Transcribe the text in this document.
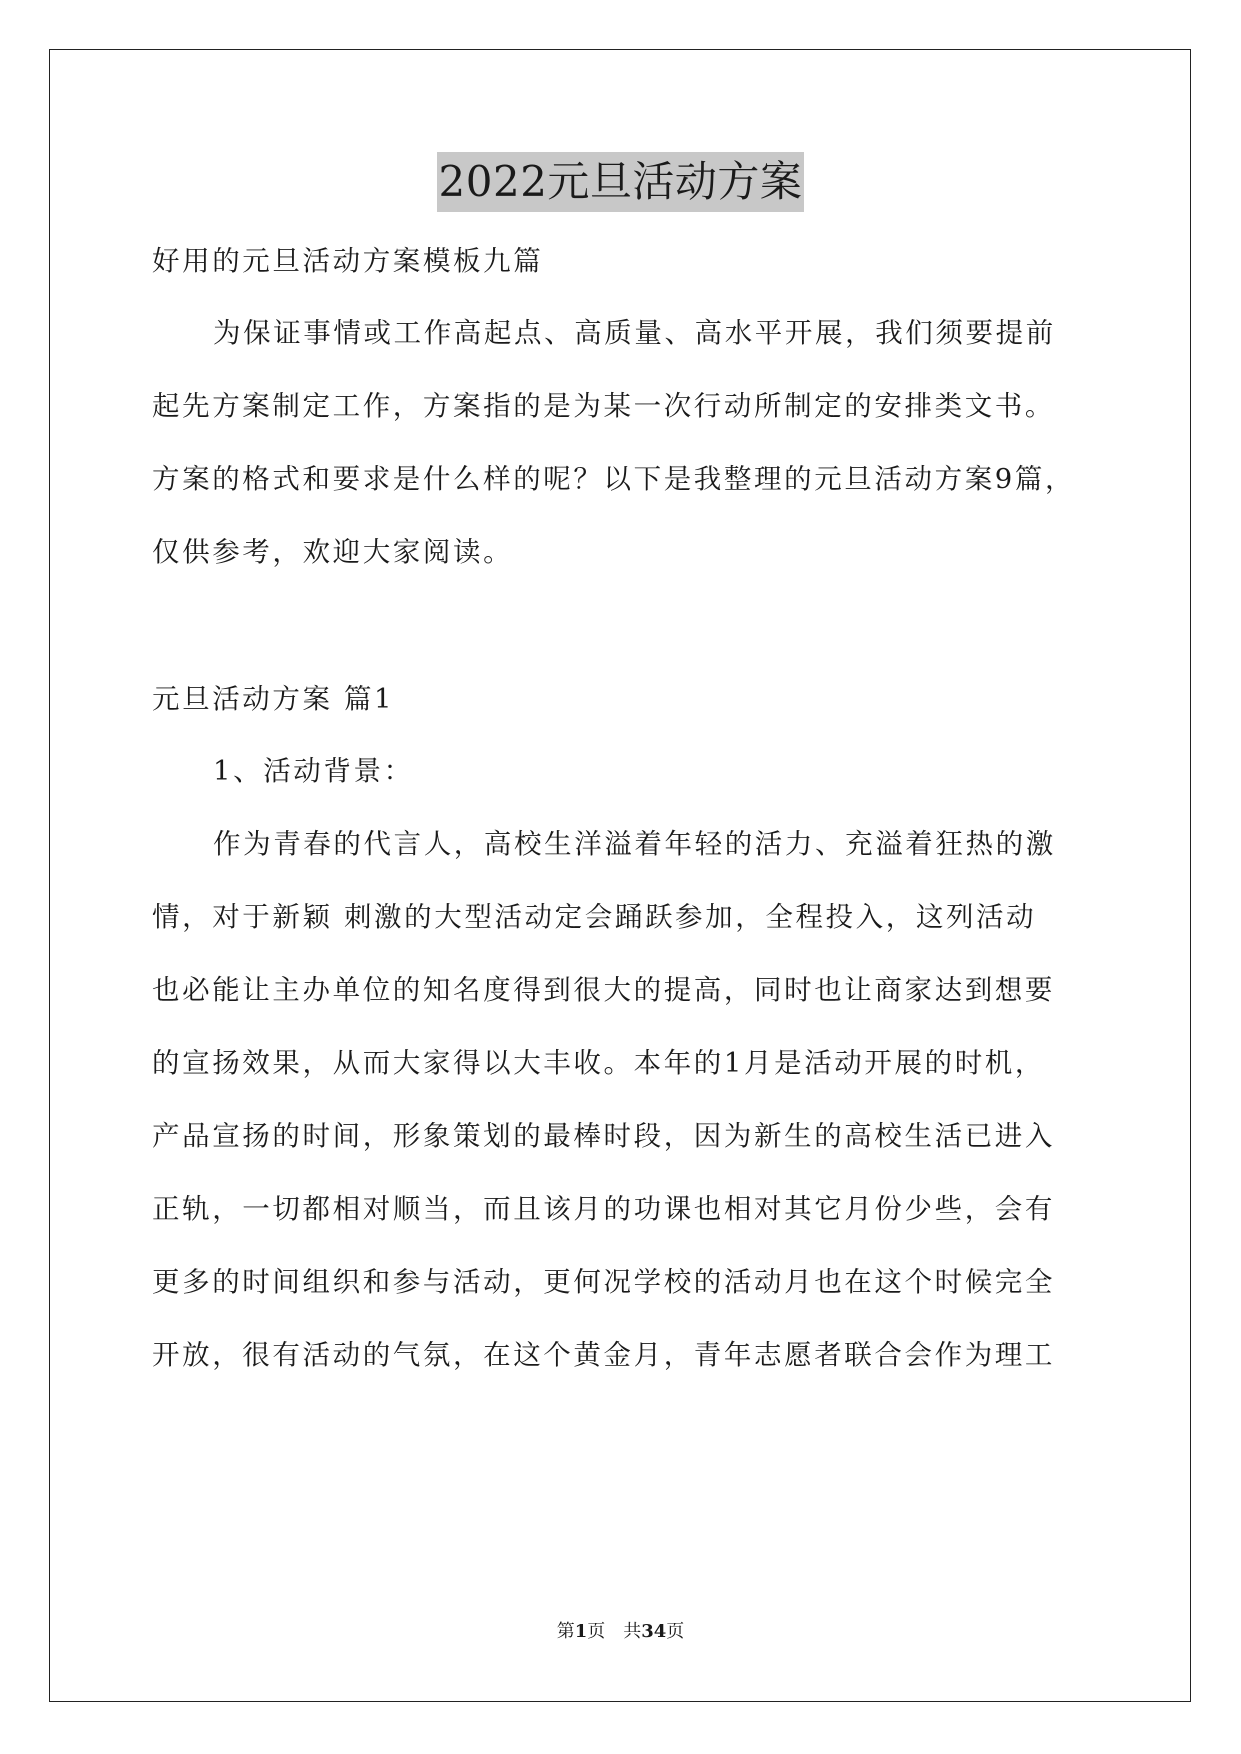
2022元旦活动方案
好用的元旦活动方案模板九篇
为保证事情或工作高起点、高质量、高水平开展，我们须要提前
起先方案制定工作，方案指的是为某一次行动所制定的安排类文书。
方案的格式和要求是什么样的呢？以下是我整理的元旦活动方案9篇，
仅供参考，欢迎大家阅读。
元旦活动方案 篇1
1、活动背景：
作为青春的代言人，高校生洋溢着年轻的活力、充溢着狂热的激
情，对于新颖 刺激的大型活动定会踊跃参加，全程投入，这列活动
也必能让主办单位的知名度得到很大的提高，同时也让商家达到想要
的宣扬效果，从而大家得以大丰收。本年的1月是活动开展的时机，
产品宣扬的时间，形象策划的最棒时段，因为新生的高校生活已进入
正轨，一切都相对顺当，而且该月的功课也相对其它月份少些，会有
更多的时间组织和参与活动，更何况学校的活动月也在这个时候完全
开放，很有活动的气氛，在这个黄金月，青年志愿者联合会作为理工
第1页 共34页
